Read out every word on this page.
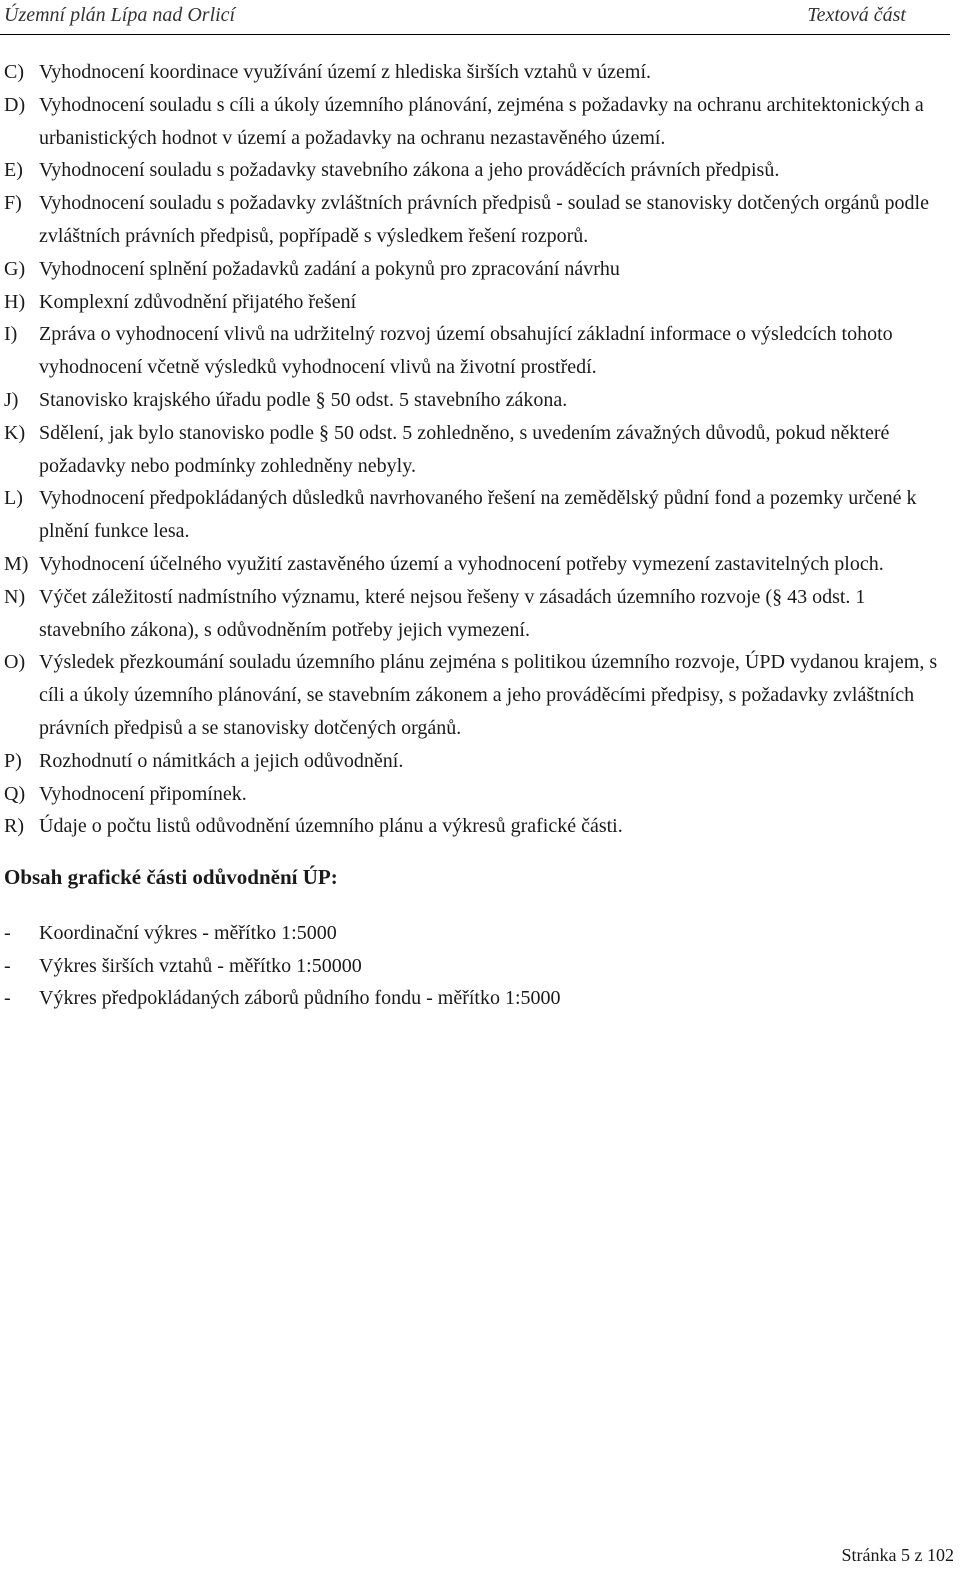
Územní plán Lípa nad Orlicí	Textová část
C) Vyhodnocení koordinace využívání území z hlediska širších vztahů v území.
D) Vyhodnocení souladu s cíli a úkoly územního plánování, zejména s požadavky na ochranu architektonických a urbanistických hodnot v území a požadavky na ochranu nezastavěného území.
E) Vyhodnocení souladu s požadavky stavebního zákona a jeho prováděcích právních předpisů.
F) Vyhodnocení souladu s požadavky zvláštních právních předpisů - soulad se stanovisky dotčených orgánů podle zvláštních právních předpisů, popřípadě s výsledkem řešení rozporů.
G) Vyhodnocení splnění požadavků zadání a pokynů pro zpracování návrhu
H) Komplexní zdůvodnění přijatého řešení
I) Zpráva o vyhodnocení vlivů na udržitelný rozvoj území obsahující základní informace o výsledcích tohoto vyhodnocení včetně výsledků vyhodnocení vlivů na životní prostředí.
J) Stanovisko krajského úřadu podle § 50 odst. 5 stavebního zákona.
K) Sdělení, jak bylo stanovisko podle § 50 odst. 5 zohledněno, s uvedením závažných důvodů, pokud některé požadavky nebo podmínky zohledněny nebyly.
L) Vyhodnocení předpokládaných důsledků navrhovaného řešení na zemědělský půdní fond a pozemky určené k plnění funkce lesa.
M) Vyhodnocení účelného využití zastavěného území a vyhodnocení potřeby vymezení zastavitelných ploch.
N) Výčet záležitostí nadmístního významu, které nejsou řešeny v zásadách územního rozvoje (§ 43 odst. 1 stavebního zákona), s odůvodněním potřeby jejich vymezení.
O) Výsledek přezkoumání souladu územního plánu zejména s politikou územního rozvoje, ÚPD vydanou krajem, s cíli a úkoly územního plánování, se stavebním zákonem a jeho prováděcími předpisy, s požadavky zvláštních právních předpisů a se stanovisky dotčených orgánů.
P) Rozhodnutí o námitkách a jejich odůvodnění.
Q) Vyhodnocení připomínek.
R) Údaje o počtu listů odůvodnění územního plánu a výkresů grafické části.
Obsah grafické části odůvodnění ÚP:
- Koordinační výkres - měřítko 1:5000
- Výkres širších vztahů - měřítko 1:50000
- Výkres předpokládaných záborů půdního fondu - měřítko 1:5000
Stránka 5 z 102
